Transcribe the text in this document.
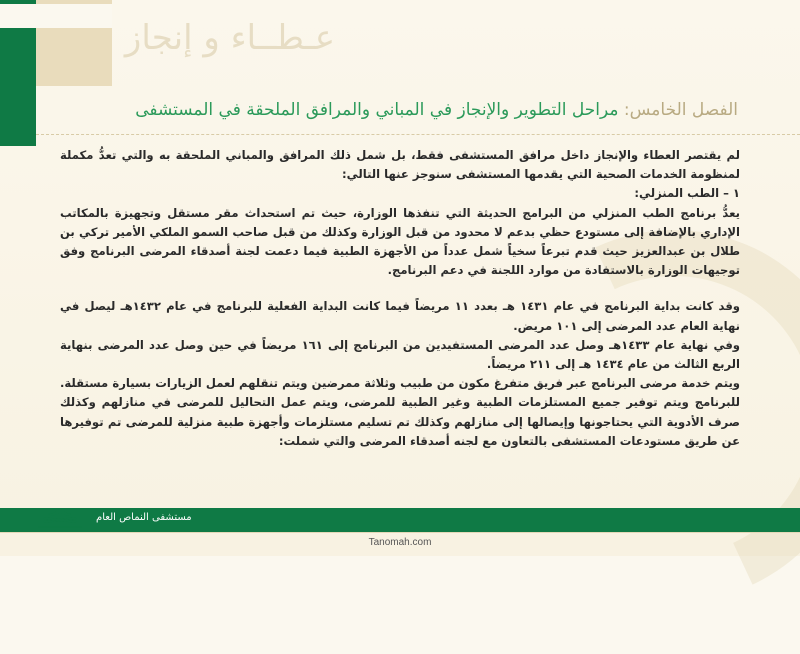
عـطــاء و إنجاز
الفصل الخامس: مراحل التطوير والإنجاز في المباني والمرافق الملحقة في المستشفى

لم يقتصر العطاء والإنجاز داخل مرافق المستشفى فقط، بل شمل ذلك المرافق والمباني الملحقة به والتي تعدُّ مكملة لمنظومة الخدمات الصحية التي يقدمها المستشفى سنوجز عنها التالي:

١ – الطب المنزلي:

يعدُّ برنامج الطب المنزلي من البرامج الحديثة التي تنفذها الوزارة، حيث تم استحداث مقر مستقل وتجهيزة بالمكاتب الإداري بالإضافة إلى مستودع حظي بدعم لا محدود من قبل الوزارة وكذلك من قبل صاحب السمو الملكي الأمير تركي بن طلال بن عبدالعزيز حيث قدم تبرعاً سخياً شمل عدداً من الأجهزة الطبية فيما دعمت لجنة أصدقاء المرضى البرنامج وفق توجيهات الوزارة بالاستفادة من موارد اللجنة في دعم البرنامج.

وقد كانت بداية البرنامج في عام ١٤٣١ هـ بعدد ١١ مريضاً فيما كانت البداية الفعلية للبرنامج في عام ١٤٣٢هـ ليصل في نهاية العام عدد المرضى إلى ١٠١ مريض.

وفي نهاية عام ١٤٣٣هـ وصل عدد المرضى المستفيدين من البرنامج إلى ١٦١ مريضاً في حين وصل عدد المرضى بنهاية الربع الثالث من عام ١٤٣٤ هـ إلى ٢١١ مريضاً.

ويتم خدمة مرضى البرنامج عبر فريق متفرغ مكون من طبيب وثلاثة ممرضين ويتم تنقلهم لعمل الزيارات بسيارة مستقلة. للبرنامج ويتم توفير جميع المستلزمات الطبية وغير الطبية للمرضى، ويتم عمل التحاليل للمرضى في منازلهم وكذلك صرف الأدوية التي يحتاجونها وإيصالها إلى منازلهم وكذلك تم تسليم مستلزمات وأجهزة طبية منزلية للمرضى تم توفيرها عن طريق مستودعات المستشفى بالتعاون مع لجنه أصدقاء المرضى والتي شملت:

مستشفى النماص العام
Tanomah.com
